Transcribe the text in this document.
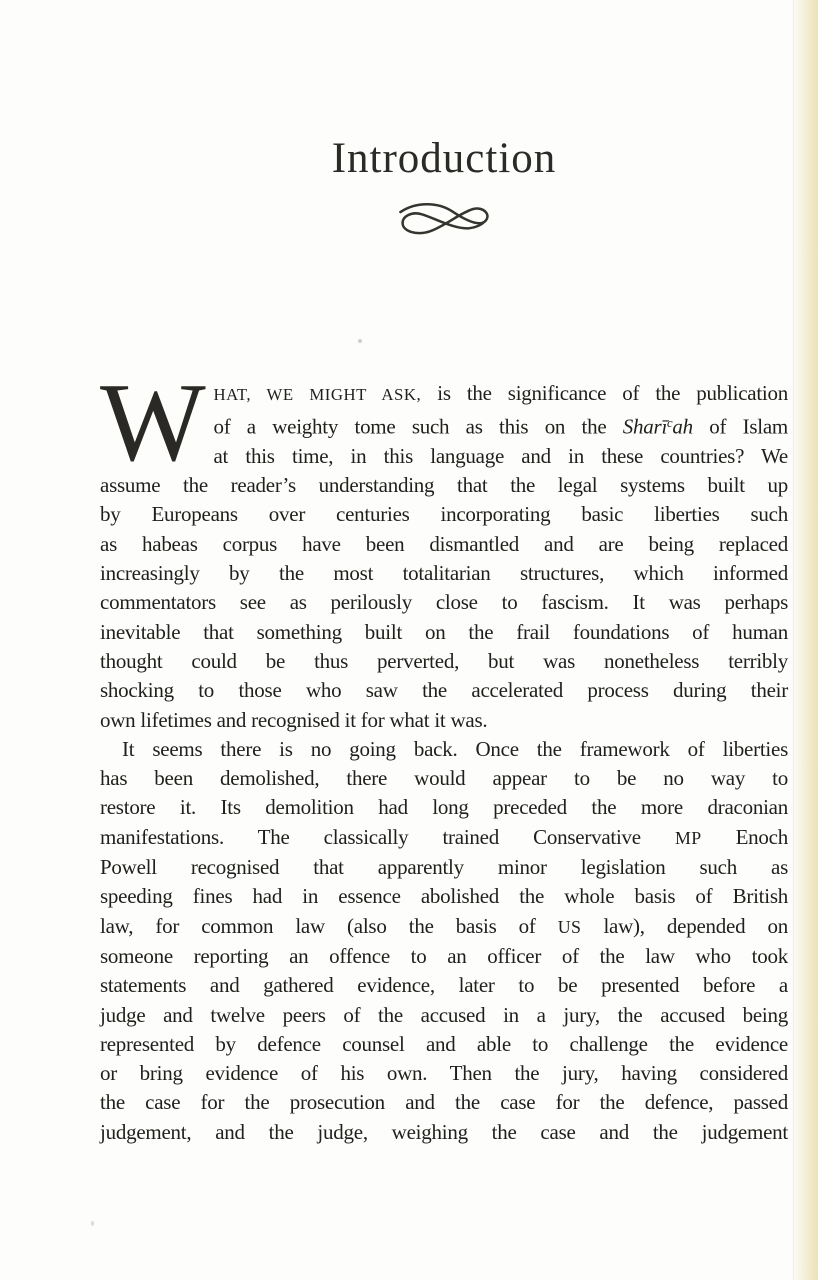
Introduction
W HAT, WE MIGHT ASK, is the significance of the publication
of a weighty tome such as this on the Sharī$^c$ah of Islam
at this time, in this language and in these countries? We
assume the reader’s understanding that the legal systems built up
by Europeans over centuries incorporating basic liberties such
as habeas corpus have been dismantled and are being replaced
increasingly by the most totalitarian structures, which informed
commentators see as perilously close to fascism. It was perhaps
inevitable that something built on the frail foundations of human
thought could be thus perverted, but was nonetheless terribly
shocking to those who saw the accelerated process during their
own lifetimes and recognised it for what it was.
It seems there is no going back. Once the framework of liberties
has been demolished, there would appear to be no way to
restore it. Its demolition had long preceded the more draconian
manifestations. The classically trained Conservative MP Enoch
Powell recognised that apparently minor legislation such as
speeding fines had in essence abolished the whole basis of British
law, for common law (also the basis of US law), depended on
someone reporting an offence to an officer of the law who took
statements and gathered evidence, later to be presented before a
judge and twelve peers of the accused in a jury, the accused being
represented by defence counsel and able to challenge the evidence
or bring evidence of his own. Then the jury, having considered
the case for the prosecution and the case for the defence, passed
judgement, and the judge, weighing the case and the judgement
